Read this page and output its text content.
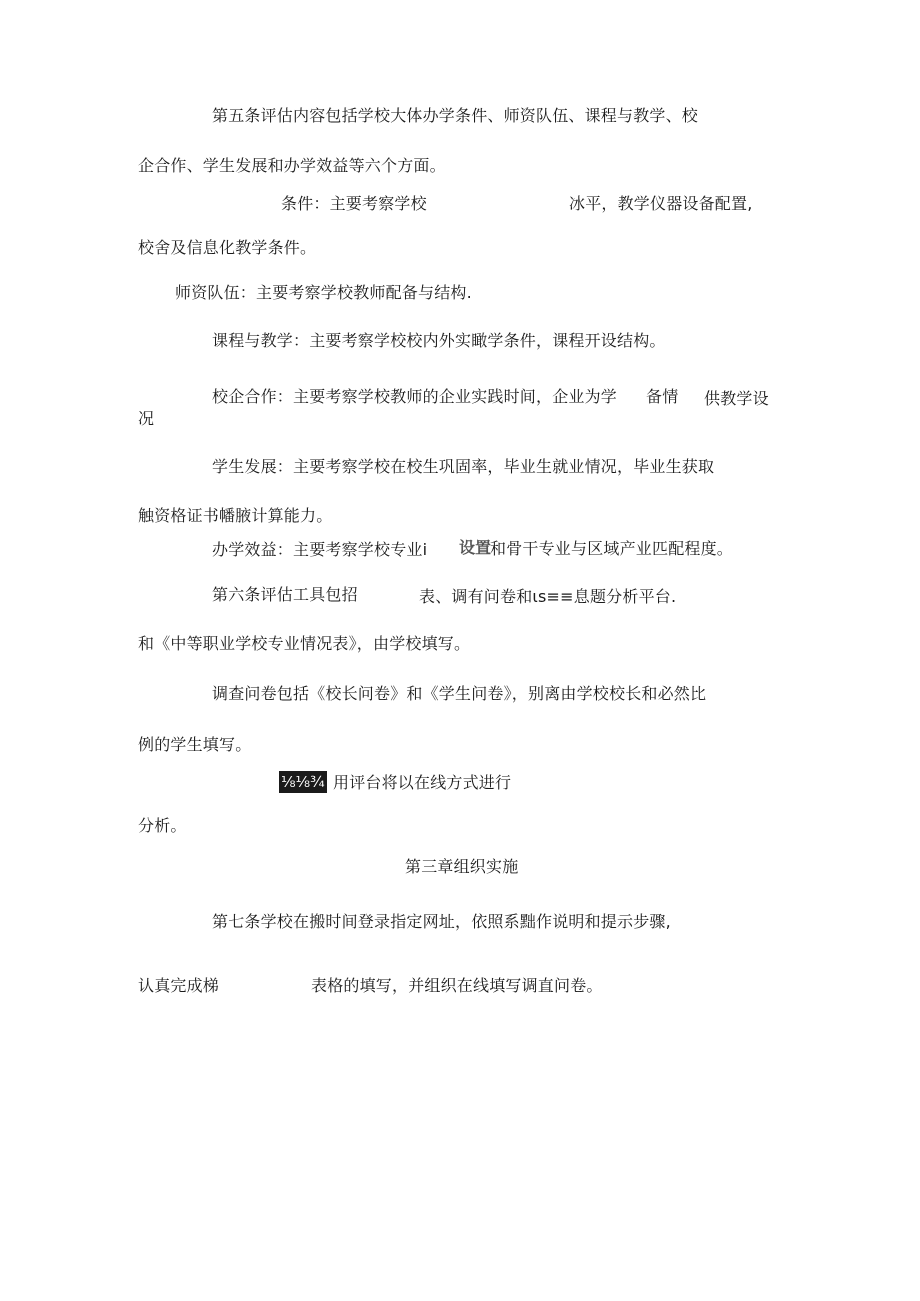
第五条评估内容包括学校大体办学条件、师资队伍、课程与教学、校
企合作、学生发展和办学效益等六个方面。
条件：主要考察学校	冰平，教学仪器设备配置,
校舍及信息化教学条件。
师资队伍：主要考察学校教师配备与结构.
课程与教学：主要考察学校校内外实瞰学条件，课程开设结构。
校企合作：主要考察学校教师的企业实践时间，企业为学 备情 供教学设
况
学生发展：主要考察学校在校生巩固率，毕业生就业情况，毕业生获取
触资格证书幡腋计算能力。
办学效益：主要考察学校专业i 设置
和骨干专业与区域产业匹配程度。
第六条评估工具包招	表、调有问卷和ιs≡≡息题分析平台.
和《中等职业学校专业情况表》，由学校填写。
调查问卷包括《校长问卷》和《学生问卷》，别离由学校校长和必然比
例的学生填写。
⅛⅛¾ 用评台将以在线方式进行
分析。
第三章组织实施
第七条学校在搬时间登录指定网址，依照系黜作说明和提示步骤,
认真完成梯	表格的填写，并组织在线填写调直问卷。
